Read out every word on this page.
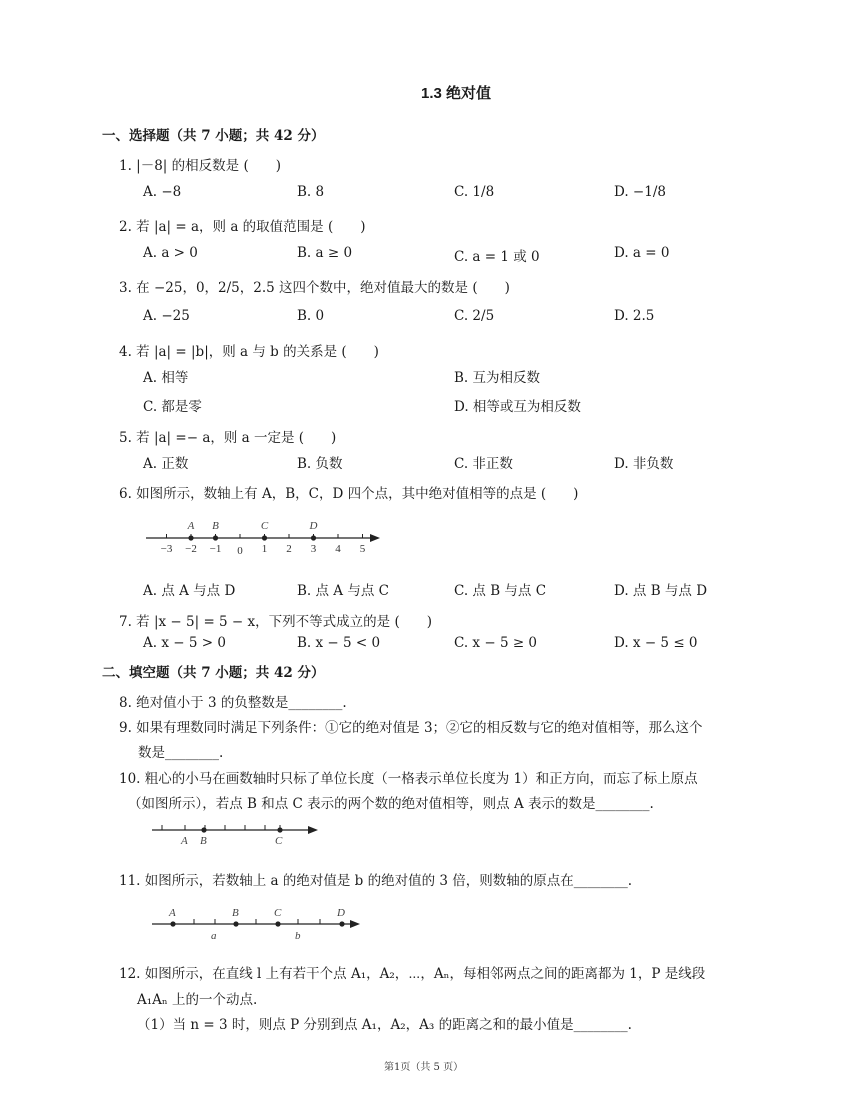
1.3 绝对值
一、选择题（共 7 小题；共 42 分）
1. |－8| 的相反数是 (　　)
A. −8	B. 8	C. 1/8	D. −1/8
2. 若 |a| = a，则 a 的取值范围是 (　　)
A. a > 0	B. a ≥ 0	C. a = 1 或 0	D. a = 0
3. 在 −25，0，2/5，2.5 这四个数中，绝对值最大的数是 (　　)
A. −25	B. 0	C. 2/5	D. 2.5
4. 若 |a| = |b|，则 a 与 b 的关系是 (　　)
A. 相等	B. 互为相反数
C. 都是零	D. 相等或互为相反数
5. 若 |a| =− a，则 a 一定是 (　　)
A. 正数	B. 负数	C. 非正数	D. 非负数
6. 如图所示，数轴上有 A，B，C，D 四个点，其中绝对值相等的点是 (　　)
−3 −2 −1 0 1 2 3 4 5
A B	C	D
A. 点 A 与点 D	B. 点 A 与点 C	C. 点 B 与点 C	D. 点 B 与点 D
7. 若 |x − 5| = 5 − x，下列不等式成立的是 (　　)
A. x − 5 > 0	B. x − 5 < 0	C. x − 5 ≥ 0	D. x − 5 ≤ 0
二、填空题（共 7 小题；共 42 分）
8. 绝对值小于 3 的负整数是________.
9. 如果有理数同时满足下列条件：①它的绝对值是 3；②它的相反数与它的绝对值相等，那么这个
数是________.
10. 粗心的小马在画数轴时只标了单位长度（一格表示单位长度为 1）和正方向，而忘了标上原点
（如图所示），若点 B 和点 C 表示的两个数的绝对值相等，则点 A 表示的数是________.
A B	C
11. 如图所示，若数轴上 a 的绝对值是 b 的绝对值的 3 倍，则数轴的原点在________.
A	B	C	D
a	b
12. 如图所示，在直线 l 上有若干个点 A₁，A₂，⋯，Aₙ，每相邻两点之间的距离都为 1，P 是线段
A₁Aₙ 上的一个动点.
（1）当 n = 3 时，则点 P 分别到点 A₁，A₂，A₃ 的距离之和的最小值是________.
第1页（共 5 页）
